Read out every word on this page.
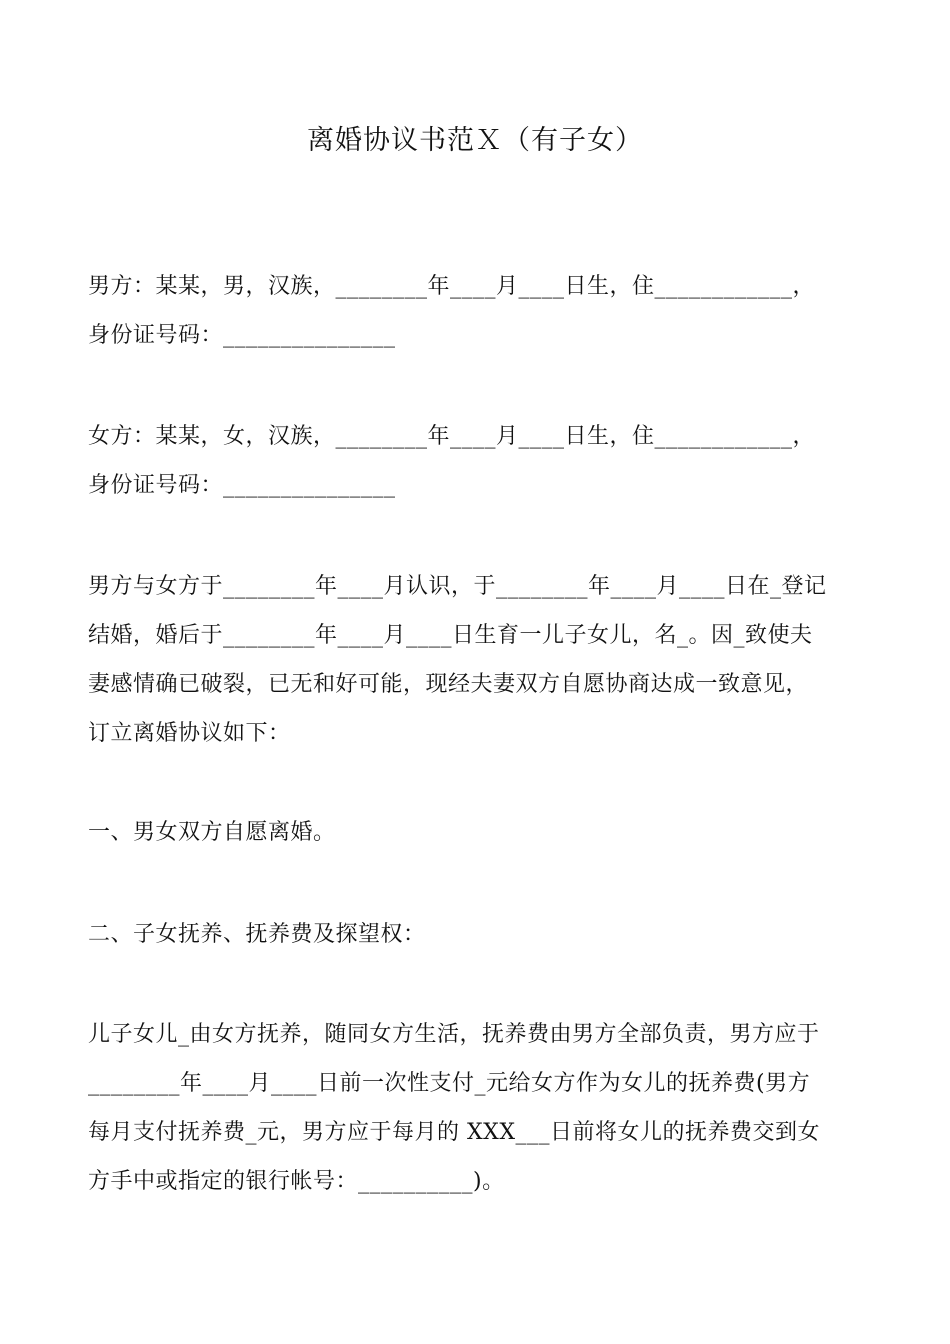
离婚协议书范Ｘ（有子女）
男方：某某，男，汉族，________年____月____日生，住____________，
身份证号码：_______________
女方：某某，女，汉族，________年____月____日生，住____________，
身份证号码：_______________
男方与女方于________年____月认识，于________年____月____日在_登记
结婚，婚后于________年____月____日生育一儿子女儿，名_。因_致使夫
妻感情确已破裂，已无和好可能，现经夫妻双方自愿协商达成一致意见，
订立离婚协议如下：
一、男女双方自愿离婚。
二、子女抚养、抚养费及探望权：
儿子女儿_由女方抚养，随同女方生活，抚养费由男方全部负责，男方应于
________年____月____日前一次性支付_元给女方作为女儿的抚养费(男方
每月支付抚养费_元，男方应于每月的 XXX___日前将女儿的抚养费交到女
方手中或指定的银行帐号：__________)。
